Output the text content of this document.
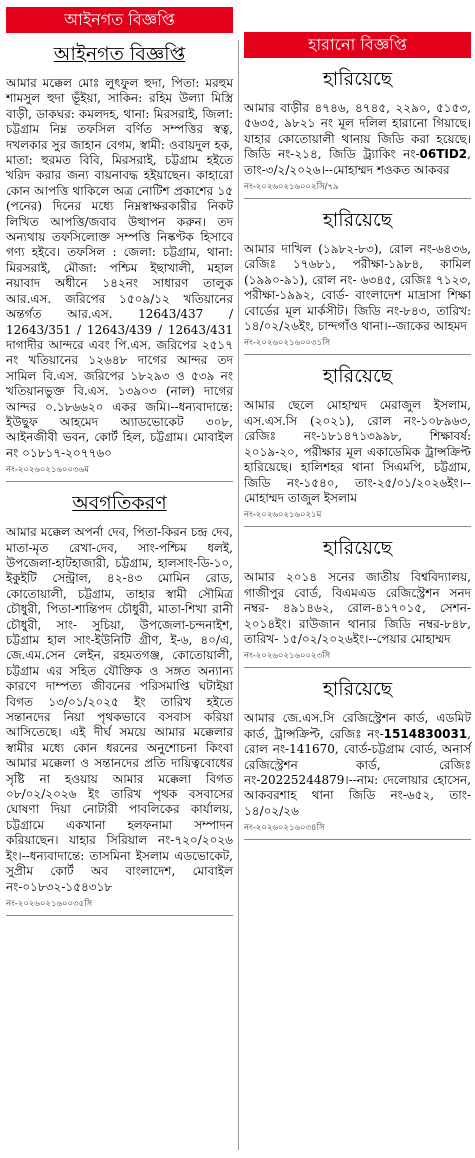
আইনগত বিজ্ঞপ্তি
আইনগত বিজ্ঞপ্তি
আমার মক্কেল মোঃ লুৎফুল হুদা, পিতা: মরহুম শামসুল হুদা ভূঁইয়া, সাকিন: রহিম উল্যা মিস্ত্রি বাড়ী, ডাকঘর: কমলদহ, থানা: মিরসরাই, জিলা: চট্টগ্রাম নিম্ন তফসিল বর্ণিত সম্পত্তির স্বত্ব, দখলকার সুর জাহান বেগম, স্বামী: ওবায়দুল হক, মাতা: হুরমত বিবি, মিরসরাই, চট্টগ্রাম হইতে খরিদ করার জন্য বায়নাবদ্ধ হইয়াছেন। কাহারো কোন আপত্তি থাকিলে অত্র নোটিশ প্রকাশের ১৫ (পনের) দিনের মধ্যে নিম্নস্বাক্ষরকারীর নিকট লিখিত আপত্তি/জবাব উত্থাপন করুন। তদ অন্যথায় তফসিলোক্ত সম্পত্তি নিষ্কণ্টক হিসাবে গণ্য হইবে। তফসিল : জেলা: চট্টগ্রাম, থানা: মিরসরাই, মৌজা: পশ্চিম ইছাখালী, মহাল নয়াবাদ অধীনে ১৪২নং সাধারণ তালুক আর.এস. জরিপের ১৫০৯/১২ খতিয়ানের অন্তর্গত আর.এস. 12643/437 / 12643/351 / 12643/439 / 12643/431 দাগাদীর আন্দরে এবং পি.এস. জরিপের ২৫১৭ নং খতিয়ানের ১২৬৪৮ দাগের আন্দর তদ সামিল বি.এস. জরিপের ১৮২৯৩ ও ৫৩৯ নং খতিয়ানভুক্ত বি.এস. ১৩৯০৩ (নাল) দাগের আন্দর ০.১৮৬৬২০ একর জমি।--ধন্যবাদান্তে: ইউছুফ আহমেদ অ্যাডভোকেট ৩০৮, আইনজীবী ভবন, কোর্ট হিল, চট্টগ্রাম। মোবাইল নং ০১৮১৭-২০৭৭৬০
নং-২০২৬০২১৬০০৩৬ম
অবগতিকরণ
আমার মক্কেল অপর্না দেব, পিতা-কিরন চন্দ্র দেব, মাতা-মৃত রেখা-দেব, সাং-পশ্চিম ধলই, উপজেলা-হাটহাজারী, চট্টগ্রাম, হালসাং-ডি-১০, ইকুইটি সেন্ট্রাল, ৪২-৪৩ মোমিন রোড, কোতোয়ালী, চট্টগ্রাম, তাহার স্বামী সৌমিত্র চৌধুরী, পিতা-শান্তিপদ চৌধুরী, মাতা-শিখা রানী চৌধুরী, সাং- সুচিয়া, উপজেলা-চন্দনাইশ, চট্টগ্রাম হাল সাং-ইউনিটি গ্রীণ, ই-৬, ৪০/এ, জে.এম.সেন লেইন, রহমতগঞ্জ, কোতোয়ালী, চট্টগ্রাম এর সহিত যৌক্তিক ও সঙ্গত অন্যান্য কারণে দাম্পত্য জীবনের পরিসমাপ্তি ঘটাইয়া বিগত ১৩/০১/২০২৫ ইং তারিখ হইতে সন্তানদের নিয়া পৃথকভাবে বসবাস করিয়া আসিতেছে। এই দীর্ঘ সময়ে আমার মক্কেলার স্বামীর মধ্যে কোন ধরনের অনুশোচনা কিংবা আমার মক্কেলা ও সন্তানদের প্রতি দায়িত্ববোধের সৃষ্টি না হওয়ায় আমার মক্কেলা বিগত ০৮/০২/২০২৬ ইং তারিখ পৃথক বসবাসের ঘোষণা দিয়া নোটারী পাবলিকের কার্যালয়, চট্টগ্রামে একখানা হলফনামা সম্পাদন করিয়াছেন। যাহার সিরিয়াল নং-৭২০/২০২৬ ইং।--ধন্যবাদান্তে: তাসমিনা ইসলাম এডভোকেট, সুপ্রীম কোর্ট অব বাংলাদেশ, মোবাইল নং-০১৮৩২-১৫৪৩১৮
নং-২০২৬০২১৬০০৩৫সি
হারানো বিজ্ঞপ্তি
হারিয়েছে
আমার বাড়ীর ৪৭৪৬, ৪৭৪৫, ২২৯০, ৫১৫৩, ৫৬৩৫, ৯৮২১ নং মূল দলিল হারানো গিয়াছে। যাহার কোতোয়ালী থানায় জিডি করা হয়েছে। জিডি নং-২১৪, জিডি ট্র্যাকিং নং-06TID2, তাং-৩/২/২০২৬।--মোহাম্মদ শওকত আকবর
নং-২০২৬০২১৬০০২সি/৭৯
হারিয়েছে
আমার দাখিল (১৯৮২-৮৩), রোল নং-৬৪৩৬, রেজিঃ ১৭৬৮১, পরীক্ষা-১৯৮৪, কামিল (১৯৯০-৯১), রোল নং- ৬৩৪৫, রেজিঃ ৭১২৩, পরীক্ষা-১৯৯২, বোর্ড- বাংলাদেশ মাদ্রাসা শিক্ষা বোর্ডের মূল মার্কসীট। জিডি নং-৮৪৩, তারিখ: ১৪/০২/২৬ইং, চান্দগাঁও থানা।--জাকের আহমদ
নং-২০২৬০২১৬০০৩১সি
হারিয়েছে
আমার ছেলে মোহাম্মদ মেরাজুল ইসলাম, এস.এস.সি (২০২১), রোল নং-১০৮৯৬৩, রেজিঃ নং-১৮১৪৭১৩৯৯৮, শিক্ষাবর্ষ: ২০১৯-২০, পরীক্ষার মূল একাডেমিক ট্রান্সক্রিপ্ট হারিয়েছে। হালিশহর থানা সিএমপি, চট্টগ্রাম, জিডি নং-১৫৪০, তাং-২৫/০১/২০২৬ইং।--মোহাম্মদ তাজুল ইসলাম
নং-২০২৬০২১৬০২১ম
হারিয়েছে
আমার ২০১৪ সনের জাতীয় বিশ্ববিদ্যালয়, গাজীপুর বোর্ড, বিএমএড রেজিস্ট্রেশন সনদ নম্বর- ৪৯১৪৬২, রোল-৪১৭০১৫, সেশন- ২০১৪ইং। রাউজান থানার জিডি নম্বর-৮৪৮, তারিখ- ১৫/০২/২০২৬ইং।--পেয়ার মোহাম্মদ
নং-২০২৬০২১৬০০২৩সি
হারিয়েছে
আমার জে.এস.সি রেজিস্ট্রেশন কার্ড, এডমিট কার্ড, ট্রান্সক্রিপ্ট, রেজিঃ নং-1514830031, রোল নং-141670, বোর্ড-চট্টগ্রাম বোর্ড, অনার্স রেজিস্ট্রেশন কার্ড, রেজিঃ নং-20225244879।--নাম: দেলোয়ার হোসেন, আকবরশাহ থানা জিডি নং-৬৫২, তাং- ১৪/০২/২৬
নং-২০২৬০২১৬০৩৪সি
